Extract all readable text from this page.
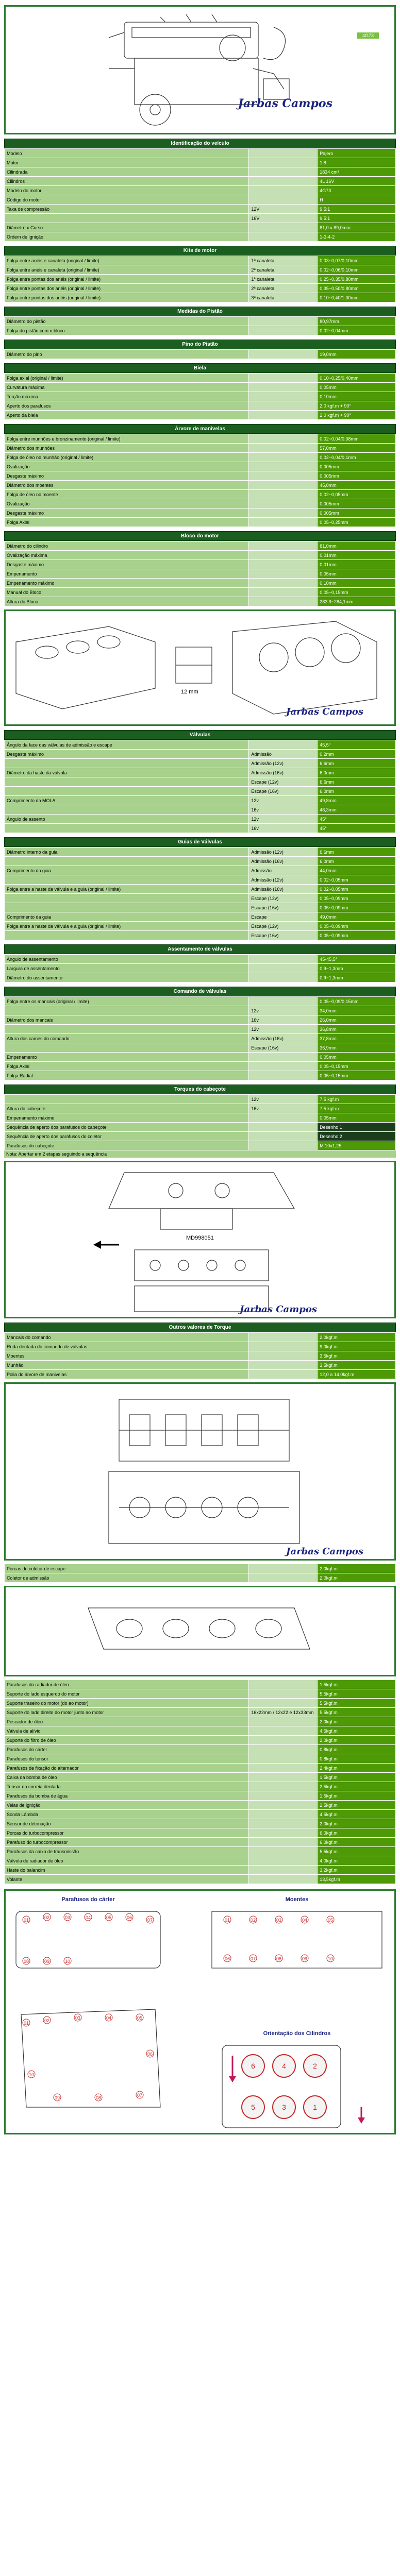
4G73
Jarbas Campos
Identificação do veículo
Modelo		Pajero
Motor		1.8
Cilindrada		1834 cm³
Cilindros		4L 16V
Modelo do motor		4G73
Código do motor		H
Taxa de compressão	12V	9,5:1
	16V	9,5:1
Diâmetro x Curso		81,0 x 89,0mm
Ordem de ignição		1-3-4-2
Kits de motor
Folga entre anéis e canaleta (original / limite)	1ª canaleta	0,03~0,07/0,10mm
Folga entre anéis e canaleta (original / limite)	2ª canaleta	0,02~0,06/0,10mm
Folga entre pontas dos anéis (original / limite)	1ª canaleta	0,25~0,35/0,80mm
Folga entre pontas dos anéis (original / limite)	2ª canaleta	0,35~0,50/0,80mm
Folga entre pontas dos anéis (original / limite)	3ª canaleta	0,10~0,40/1,00mm
Medidas do Pistão
Diâmetro do pistão		80,97mm
Folga do pistão com o bloco		0,02~0,04mm
Pino do Pistão
Diâmetro do pino		19,0mm
Biela
Folga axial (original / limite)		0,10~0,25/0,40mm
Curvatura máxima		0,05mm
Torção máxima		0,10mm
Aperto dos parafusos		2,0 kgf.m + 90°
Aperto da biela		2,0 kgf.m + 90°
Árvore de manivelas
Folga entre munhões e bronzinamento (original / limite)		0,02~0,04/0,08mm
Diâmetro dos munhões		57,0mm
Folga de óleo no munhão (original / limite)		0,02~0,04/0,1mm
Ovalização		0,005mm
Desgaste máximo		0,005mm
Diâmetro dos moentes		45,0mm
Folga de óleo no moente		0,02~0,05mm
Ovalização		0,005mm
Desgaste máximo		0,005mm
Folga Axial		0,05~0,25mm
Bloco do motor
Diâmetro do cilindro		81,0mm
Ovalização máxima		0,01mm
Desgaste máximo		0,01mm
Empenamento		0,05mm
Empenamento máximo		0,10mm
Manual do Bloco		0,05~0,15mm
Altura do Bloco		283,9~284,1mm
12 mm
Jarbas Campos
Válvulas
Ângulo da face das válvulas de admissão e escape		45,5°
Desgaste máximo	Admissão	0,2mm
	Admissão (12v)	6,6mm
Diâmetro da haste da válvula	Admissão (16v)	6,0mm
	Escape (12v)	6,6mm
	Escape (16v)	6,0mm
Comprimento da MOLA	12v	49,8mm
	16v	48,3mm
Ângulo de assento	12v	45°
	16v	45°
Guias de Válvulas
Diâmetro interno da guia	Admissão (12v)	6,6mm
	Admissão (16v)	6,0mm
Comprimento da guia	Admissão	44,0mm
	Admissão (12v)	0,02~0,05mm
Folga entre a haste da válvula e a guia (original / limite)	Admissão (16v)	0,02~0,05mm
	Escape (12v)	0,05~0,09mm
	Escape (16v)	0,05~0,09mm
Comprimento da guia	Escape	49,0mm
Folga entre a haste da válvula e a guia (original / limite)	Escape (12v)	0,05~0,09mm
	Escape (16v)	0,05~0,09mm
Assentamento de válvulas
Ângulo de assentamento		45-45,5°
Largura de assentamento		0,9~1,3mm
Diâmetro do assentamento		0,9~1,3mm
Comando de válvulas
Folga entre os mancais (original / limite)		0,05~0,09/0,15mm
	12v	34,0mm
Diâmetro dos mancais	16v	26,0mm
	12v	36,8mm
Altura dos cames do comando	Admissão (16v)	37,8mm
	Escape (16v)	36,9mm
Empenamento		0,05mm
Folga Axial		0,05~0,15mm
Folga Radial		0,05~0,15mm
Torques do cabeçote
	12v	7,5 kgf.m
Altura do cabeçote	16v	7,5 kgf.m
Empenamento máximo		0,05mm
Sequência de aperto dos parafusos do cabeçote		Desenho 1
Sequência de aperto dos parafusos do coletor		Desenho 2
Parafusos do cabeçote		M 10x1,25
Nota: Apertar em 2 etapas seguindo a sequência
MD998051
Jarbas Campos
Outros valores de Torque
Mancais do comando		2,0kgf.m
Roda dentada do comando de válvulas		9,0kgf.m
Moentes		3,5kgf.m
Munhão		3,5kgf.m
Polia do árvore de manivelas		12,0 a 14,0kgf.m
Jarbas Campos
Porcas do coletor de escape		2,0kgf.m
Coletor de admissão		2,0kgf.m
Parafusos do radiador de óleo		1,5kgf.m
Suporte do lado esquerdo do motor		5,5kgf.m
Suporte traseiro do motor (do ao motor)		5,5kgf.m
Suporte do lado direito do motor junto ao motor	16x22mm / 12x22 e 12x33mm	5,5kgf.m
Pescador de óleo		2,0kgf.m
Válvula de alívio		4,5kgf.m
Suporte do filtro de óleo		2,0kgf.m
Parafusos do cárter		0,8kgf.m
Parafusos do tensor		0,8kgf.m
Parafusos de fixação do alternador		2,4kgf.m
Caixa da bomba de óleo		1,5kgf.m
Tensor da correia dentada		2,5kgf.m
Parafusos da bomba de água		1,5kgf.m
Velas de ignição		2,5kgf.m
Sonda Lâmbda		4,5kgf.m
Sensor de detonação		2,0kgf.m
Porcas do turbocompressor		6,0kgf.m
Parafuso do turbocompressor		6,0kgf.m
Parafusos da caixa de transmissão		5,5kgf.m
Válvula de radiador de óleo		4,0kgf.m
Haste do balancim		3,2kgf.m
Volante		13,5kgf.m
Parafusos do cárter	Moentes
Orientação dos Cilindros
01	02	03	04	05	06	07
08	09	10
01	02	03	04	05
06
07
08
09
10
01	02	03	04	05
06	07	08	09	10
6	4	2
5	3	1
